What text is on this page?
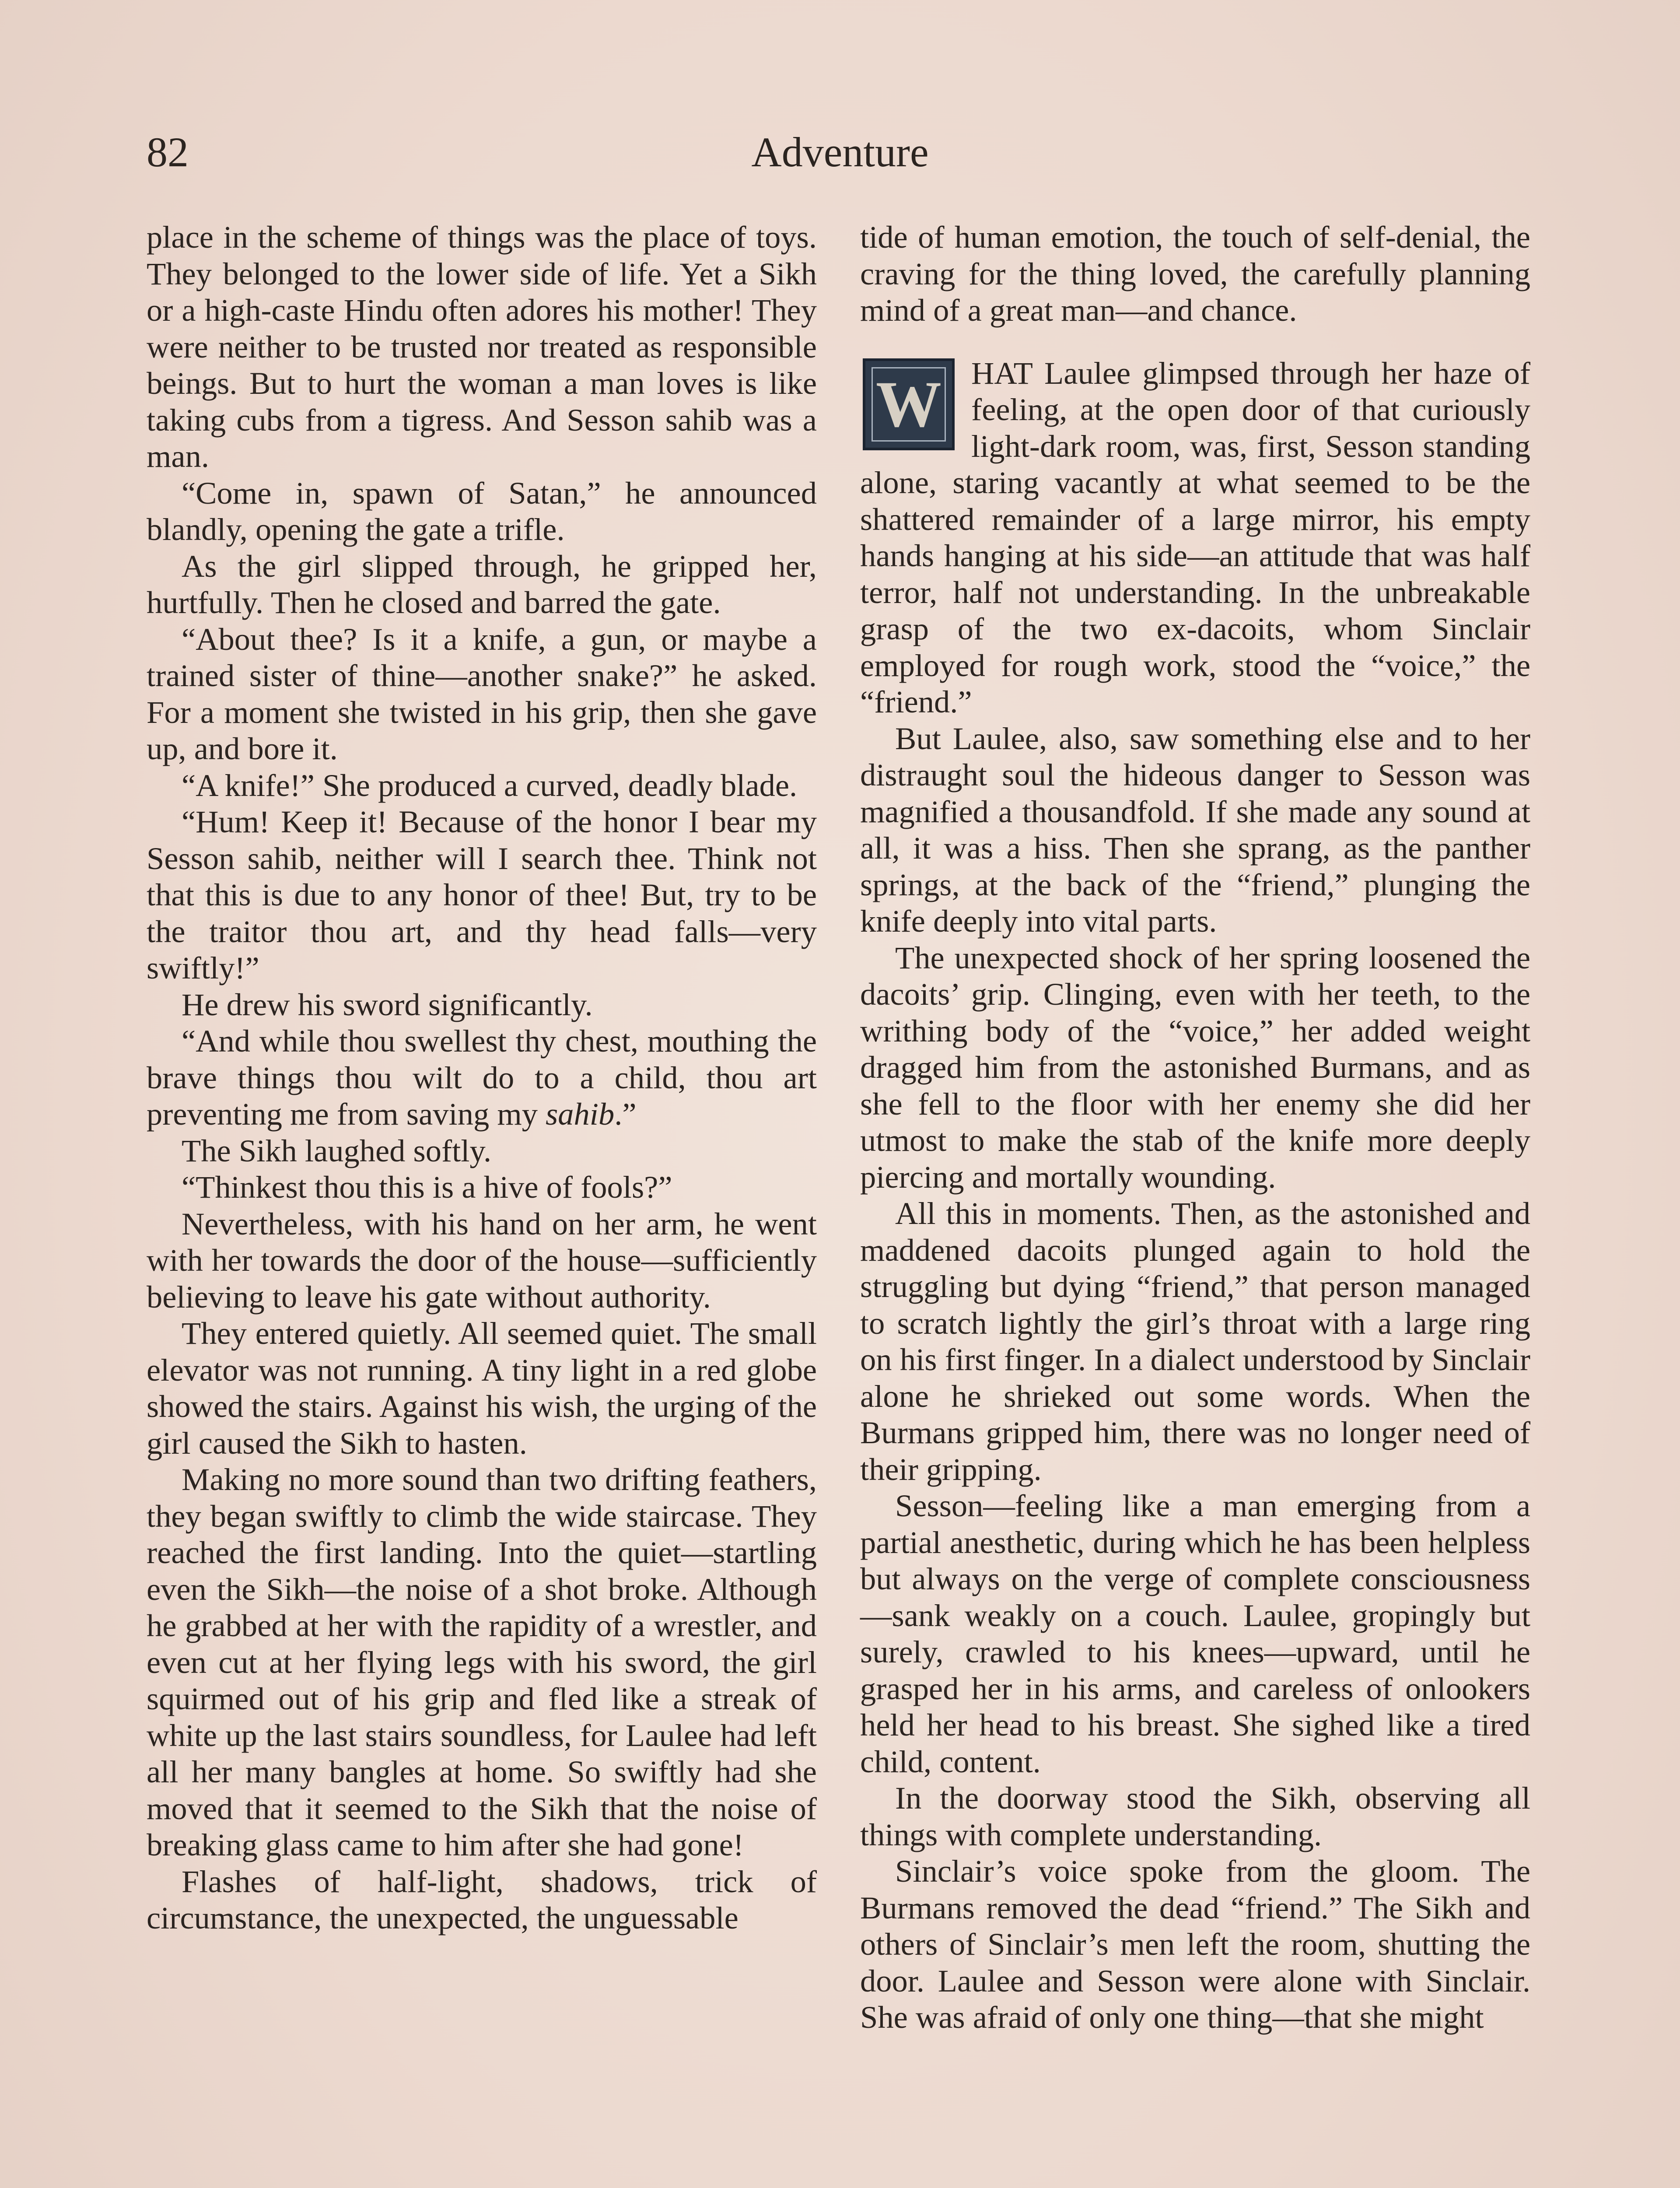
82	Adventure

place in the scheme of things was the place of toys. They belonged to the lower side of life. Yet a Sikh or a high-caste Hindu often adores his mother! They were neither to be trusted nor treated as responsible beings. But to hurt the woman a man loves is like taking cubs from a tigress. And Sesson sahib was a man.

“Come in, spawn of Satan,” he announced blandly, opening the gate a trifle.

As the girl slipped through, he gripped her, hurtfully. Then he closed and barred the gate.

“About thee? Is it a knife, a gun, or maybe a trained sister of thine—another snake?” he asked. For a moment she twisted in his grip, then she gave up, and bore it.

“A knife!” She produced a curved, deadly blade.

“Hum! Keep it! Because of the honor I bear my Sesson sahib, neither will I search thee. Think not that this is due to any honor of thee! But, try to be the traitor thou art, and thy head falls—very swiftly!”

He drew his sword significantly.

“And while thou swellest thy chest, mouthing the brave things thou wilt do to a child, thou art preventing me from saving my sahib.”

The Sikh laughed softly.

“Thinkest thou this is a hive of fools?”

Nevertheless, with his hand on her arm, he went with her towards the door of the house—sufficiently believing to leave his gate without authority.

They entered quietly. All seemed quiet. The small elevator was not running. A tiny light in a red globe showed the stairs. Against his wish, the urging of the girl caused the Sikh to hasten.

Making no more sound than two drifting feathers, they began swiftly to climb the wide staircase. They reached the first landing. Into the quiet—startling even the Sikh—the noise of a shot broke. Although he grabbed at her with the rapidity of a wrestler, and even cut at her flying legs with his sword, the girl squirmed out of his grip and fled like a streak of white up the last stairs soundless, for Laulee had left all her many bangles at home. So swiftly had she moved that it seemed to the Sikh that the noise of breaking glass came to him after she had gone!

Flashes of half-light, shadows, trick of circumstance, the unexpected, the unguessable

tide of human emotion, the touch of self-denial, the craving for the thing loved, the carefully planning mind of a great man—and chance.

W HAT Laulee glimpsed through her haze of feeling, at the open door of that curiously light-dark room, was, first, Sesson standing alone, staring vacantly at what seemed to be the shattered remainder of a large mirror, his empty hands hanging at his side—an attitude that was half terror, half not understanding. In the unbreakable grasp of the two ex-dacoits, whom Sinclair employed for rough work, stood the “voice,” the “friend.”

But Laulee, also, saw something else and to her distraught soul the hideous danger to Sesson was magnified a thousandfold. If she made any sound at all, it was a hiss. Then she sprang, as the panther springs, at the back of the “friend,” plunging the knife deeply into vital parts.

The unexpected shock of her spring loosened the dacoits’ grip. Clinging, even with her teeth, to the writhing body of the “voice,” her added weight dragged him from the astonished Burmans, and as she fell to the floor with her enemy she did her utmost to make the stab of the knife more deeply piercing and mortally wounding.

All this in moments. Then, as the astonished and maddened dacoits plunged again to hold the struggling but dying “friend,” that person managed to scratch lightly the girl’s throat with a large ring on his first finger. In a dialect understood by Sinclair alone he shrieked out some words. When the Burmans gripped him, there was no longer need of their gripping.

Sesson—feeling like a man emerging from a partial anesthetic, during which he has been helpless but always on the verge of complete consciousness—sank weakly on a couch. Laulee, gropingly but surely, crawled to his knees—upward, until he grasped her in his arms, and careless of onlookers held her head to his breast. She sighed like a tired child, content.

In the doorway stood the Sikh, observing all things with complete understanding.

Sinclair’s voice spoke from the gloom. The Burmans removed the dead “friend.” The Sikh and others of Sinclair’s men left the room, shutting the door. Laulee and Sesson were alone with Sinclair. She was afraid of only one thing—that she might
